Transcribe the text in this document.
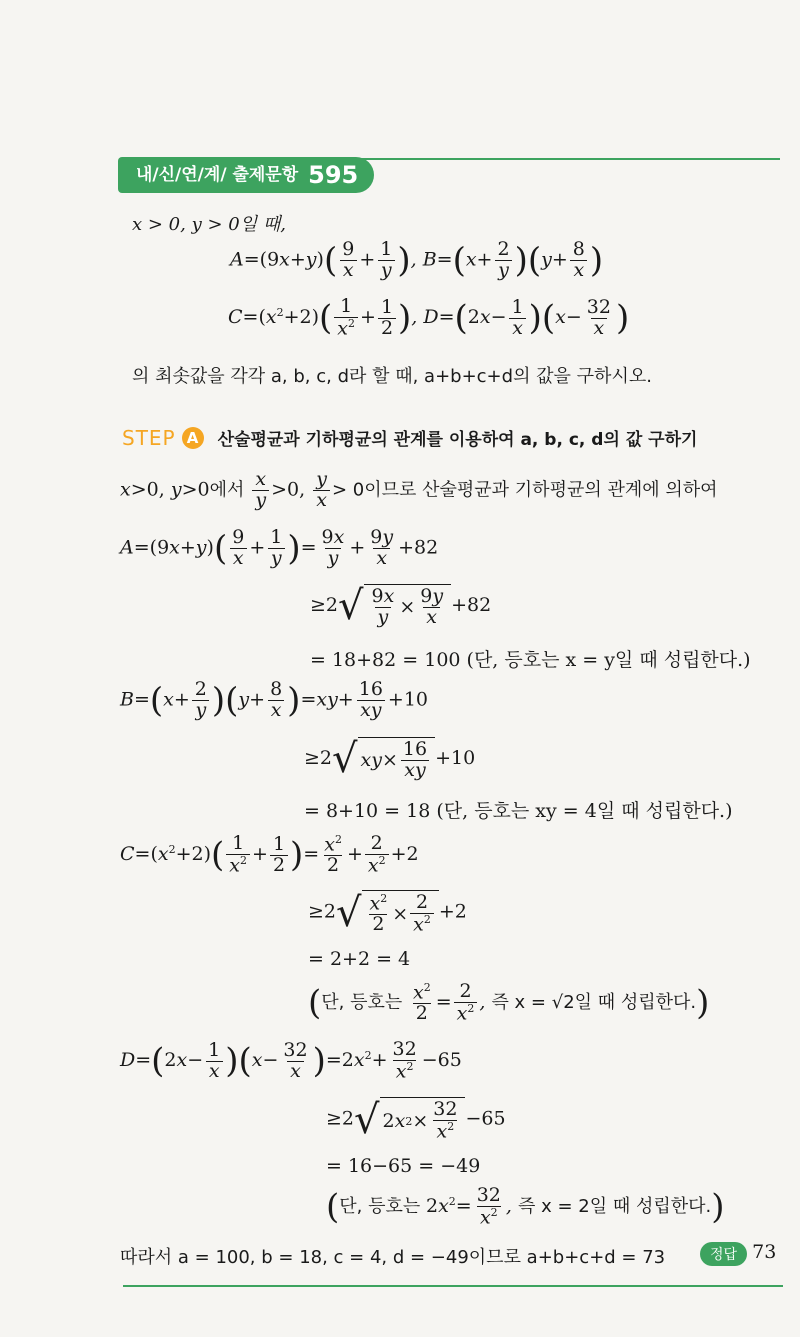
내/신/연/계/ 출제문항 595
x > 0, y > 0일 때,
$A=(9x+y)( \frac{9}{x} + \frac{1}{y}$ ), $B=(x+ \frac{2}{y} )(y+ \frac{8}{x}$ )
$C=(x^2+2)( \frac{1}{x^2} + \frac{1}{2}$ ), $D=(2x- \frac{1}{x} )(x- \frac{32}{x}$ )
의 최솟값을 각각 a, b, c, d라 할 때, a+b+c+d의 값을 구하시오.
STEP A	산술평균과 기하평균의 관계를 이용하여 a, b, c, d의 값 구하기
x>0, y>0에서 $\frac{x}{y} >0$, $\frac{y}{x} > 0$이므로 산술평균과 기하평균의 관계에 의하여
$A=(9x+y)( \frac{9}{x} + \frac{1}{y}$ )= $\frac{9x}{y} + \frac{9y}{x} +82$
≥2 √ $\frac{9x}{y} \times \frac{9y}{x} +82$
= 18+82 = 100 (단, 등호는 x = y일 때 성립한다.)
$B=(x+ \frac{2}{y} )(y+ \frac{8}{x} )=xy+ \frac{16}{xy} +10$
≥2 √ $xy\times \frac{16}{xy} +10$
= 8+10 = 18 (단, 등호는 xy = 4일 때 성립한다.)
$C=(x^2+2)( \frac{1}{x^2} + \frac{1}{2}$ )= $\frac{x^2}{2} + \frac{2}{x^2} +2$
≥2 √ $\frac{x^2}{2} \times \frac{2}{x^2} +2$
= 2+2 = 4
(단, 등호는 $\frac{x^2}{2} = \frac{2}{x^2}$ , 즉 x = √2일 때 성립한다.)
$D=(2x- \frac{1}{x} )(x- \frac{32}{x} )=2x^2+ \frac{32}{x^2} -65$
≥2 √ 2 x $2 \times \frac{32}{x^2} -65$
= 16−65 = −49
(단, 등호는 $2x^2= \frac{32}{x^2}$ , 즉 x = 2일 때 성립한다.)
따라서 a = 100, b = 18, c = 4, d = −49이므로 a+b+c+d = 73	정답 73
